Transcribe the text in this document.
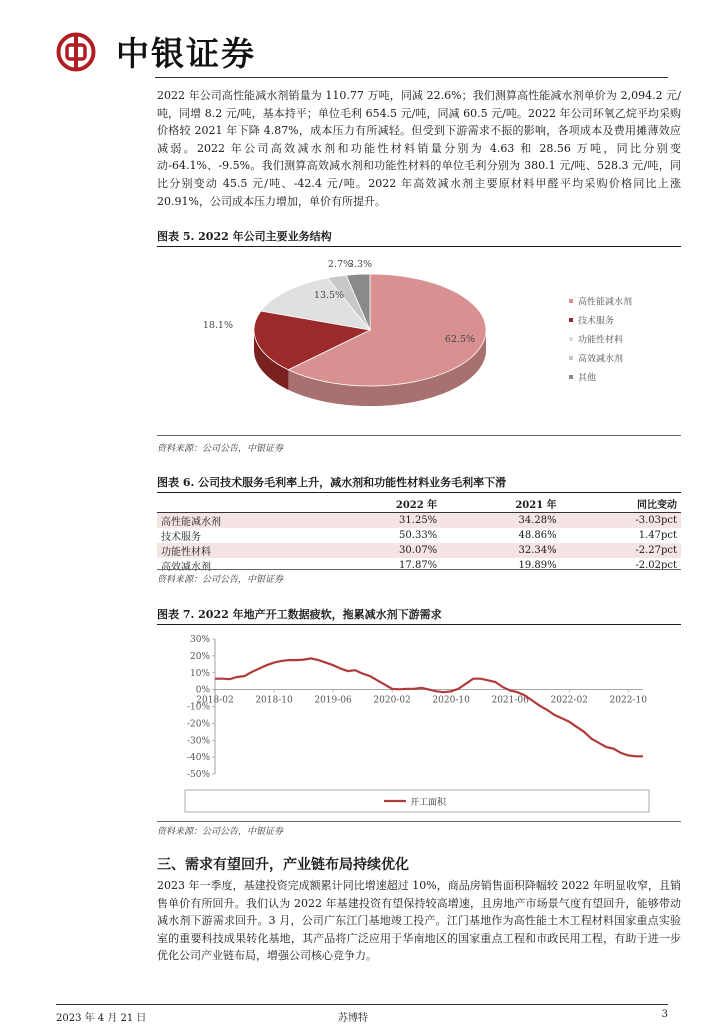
中银证券
2022 年公司高性能减水剂销量为 110.77 万吨，同减 22.6%；我们测算高性能减水剂单价为 2,094.2 元/吨，同增 8.2 元/吨，基本持平；单位毛利 654.5 元/吨，同减 60.5 元/吨。2022 年公司环氧乙烷平均采购价格较 2021 年下降 4.87%，成本压力有所减轻。但受到下游需求不振的影响，各项成本及费用摊薄效应减弱。2022 年公司高效减水剂和功能性材料销量分别为 4.63 和 28.56 万吨，同比分别变动-64.1%、-9.5%。我们测算高效减水剂和功能性材料的单位毛利分别为 380.1 元/吨、528.3 元/吨，同比分别变动 45.5 元/吨、-42.4 元/吨。2022 年高效减水剂主要原材料甲醛平均采购价格同比上涨 20.91%，公司成本压力增加，单价有所提升。
图表 5. 2022 年公司主要业务结构
62.5%
18.1%
13.5%
2.7%
3.3%
高性能减水剂
技术服务
功能性材料
高效减水剂
其他
资料来源：公司公告，中银证券
图表 6. 公司技术服务毛利率上升，减水剂和功能性材料业务毛利率下滑
	2022 年	2021 年	同比变动
高性能减水剂	31.25%	34.28%	-3.03pct
技术服务	50.33%	48.86%	1.47pct
功能性材料	30.07%	32.34%	-2.27pct
高效减水剂	17.87%	19.89%	-2.02pct
资料来源：公司公告，中银证券
图表 7. 2022 年地产开工数据疲软，拖累减水剂下游需求
30%
20%
10%
0%
-10%
-20%
-30%
-40%
-50%
2018-02 2018-10 2019-06 2020-02 2020-10 2021-06 2022-02 2022-10
开工面积
资料来源：公司公告，中银证券
三、需求有望回升，产业链布局持续优化
2023 年一季度，基建投资完成额累计同比增速超过 10%，商品房销售面积降幅较 2022 年明显收窄，且销售单价有所回升。我们认为 2022 年基建投资有望保持较高增速，且房地产市场景气度有望回升，能够带动减水剂下游需求回升。3 月，公司广东江门基地竣工投产。江门基地作为高性能土木工程材料国家重点实验室的重要科技成果转化基地，其产品将广泛应用于华南地区的国家重点工程和市政民用工程，有助于进一步优化公司产业链布局，增强公司核心竞争力。
2023 年 4 月 21 日	苏博特	3
